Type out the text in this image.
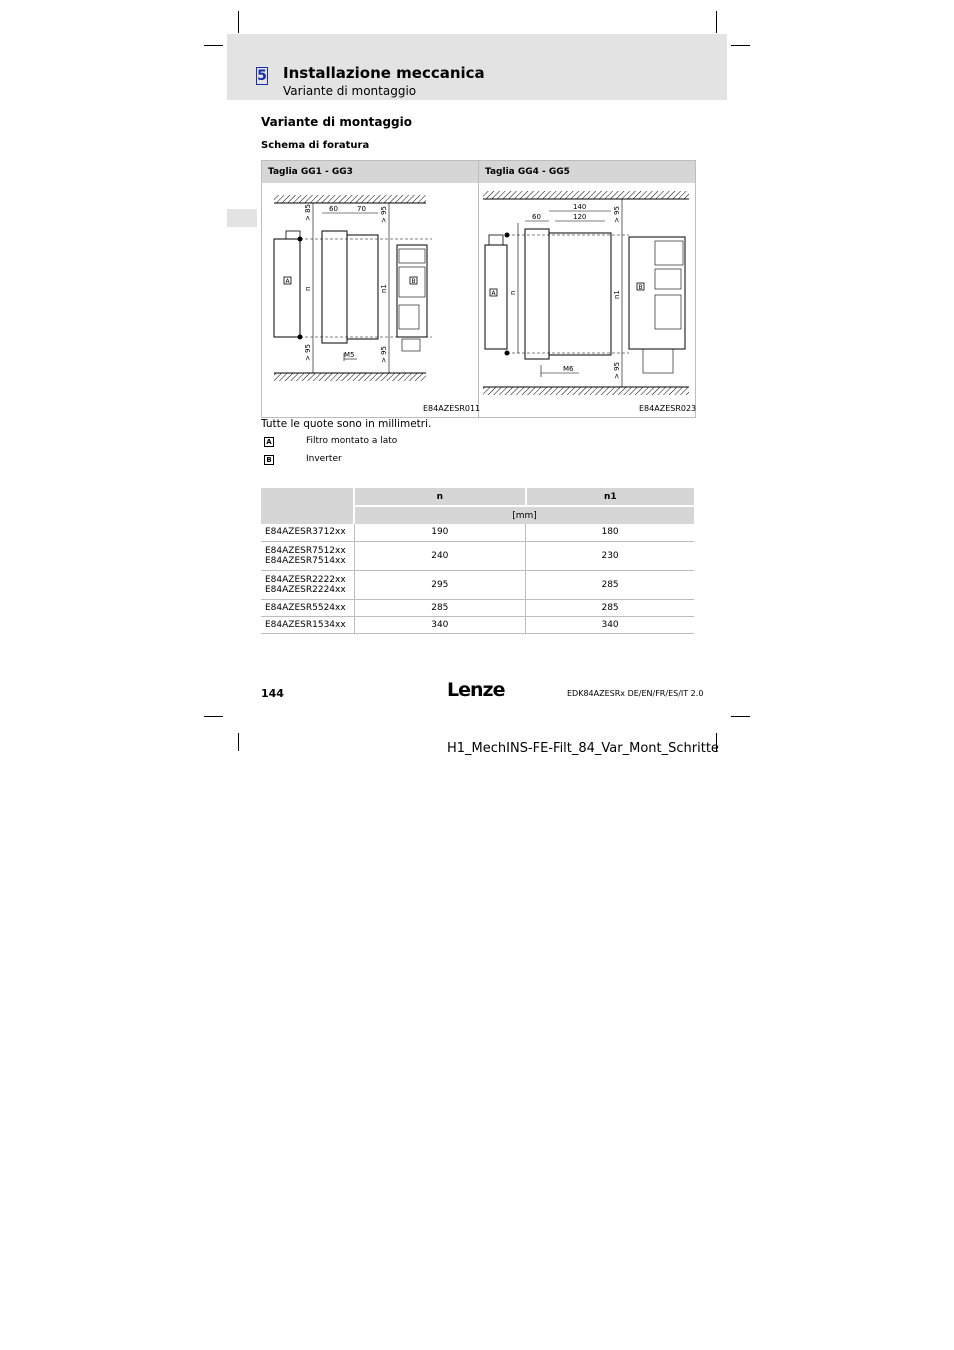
5 Installazione meccanica
Variante di montaggio
Variante di montaggio
Schema di foratura
Taglia GG1 - GG3	Taglia GG4 - GG5
A
> 85
n
> 95
60	70
M5
> 95
n1
> 95
B
E84AZESR011
A n
60
140
120
M6
> 95
n1
> 95
B
E84AZESR023
Tutte le quote sono in millimetri.
A	Filtro montato a lato
B	Inverter
	n	n1
	[mm]	
E84AZESR3712xx	190	180
E84AZESR7512xx
E84AZESR7514xx	240	230
E84AZESR2222xx
E84AZESR2224xx	295	285
E84AZESR5524xx	285	285
E84AZESR1534xx	340	340
144	Lenze	EDK84AZESRx DE/EN/FR/ES/IT 2.0
H1_MechINS-FE-Filt_84_Var_Mont_Schritte
